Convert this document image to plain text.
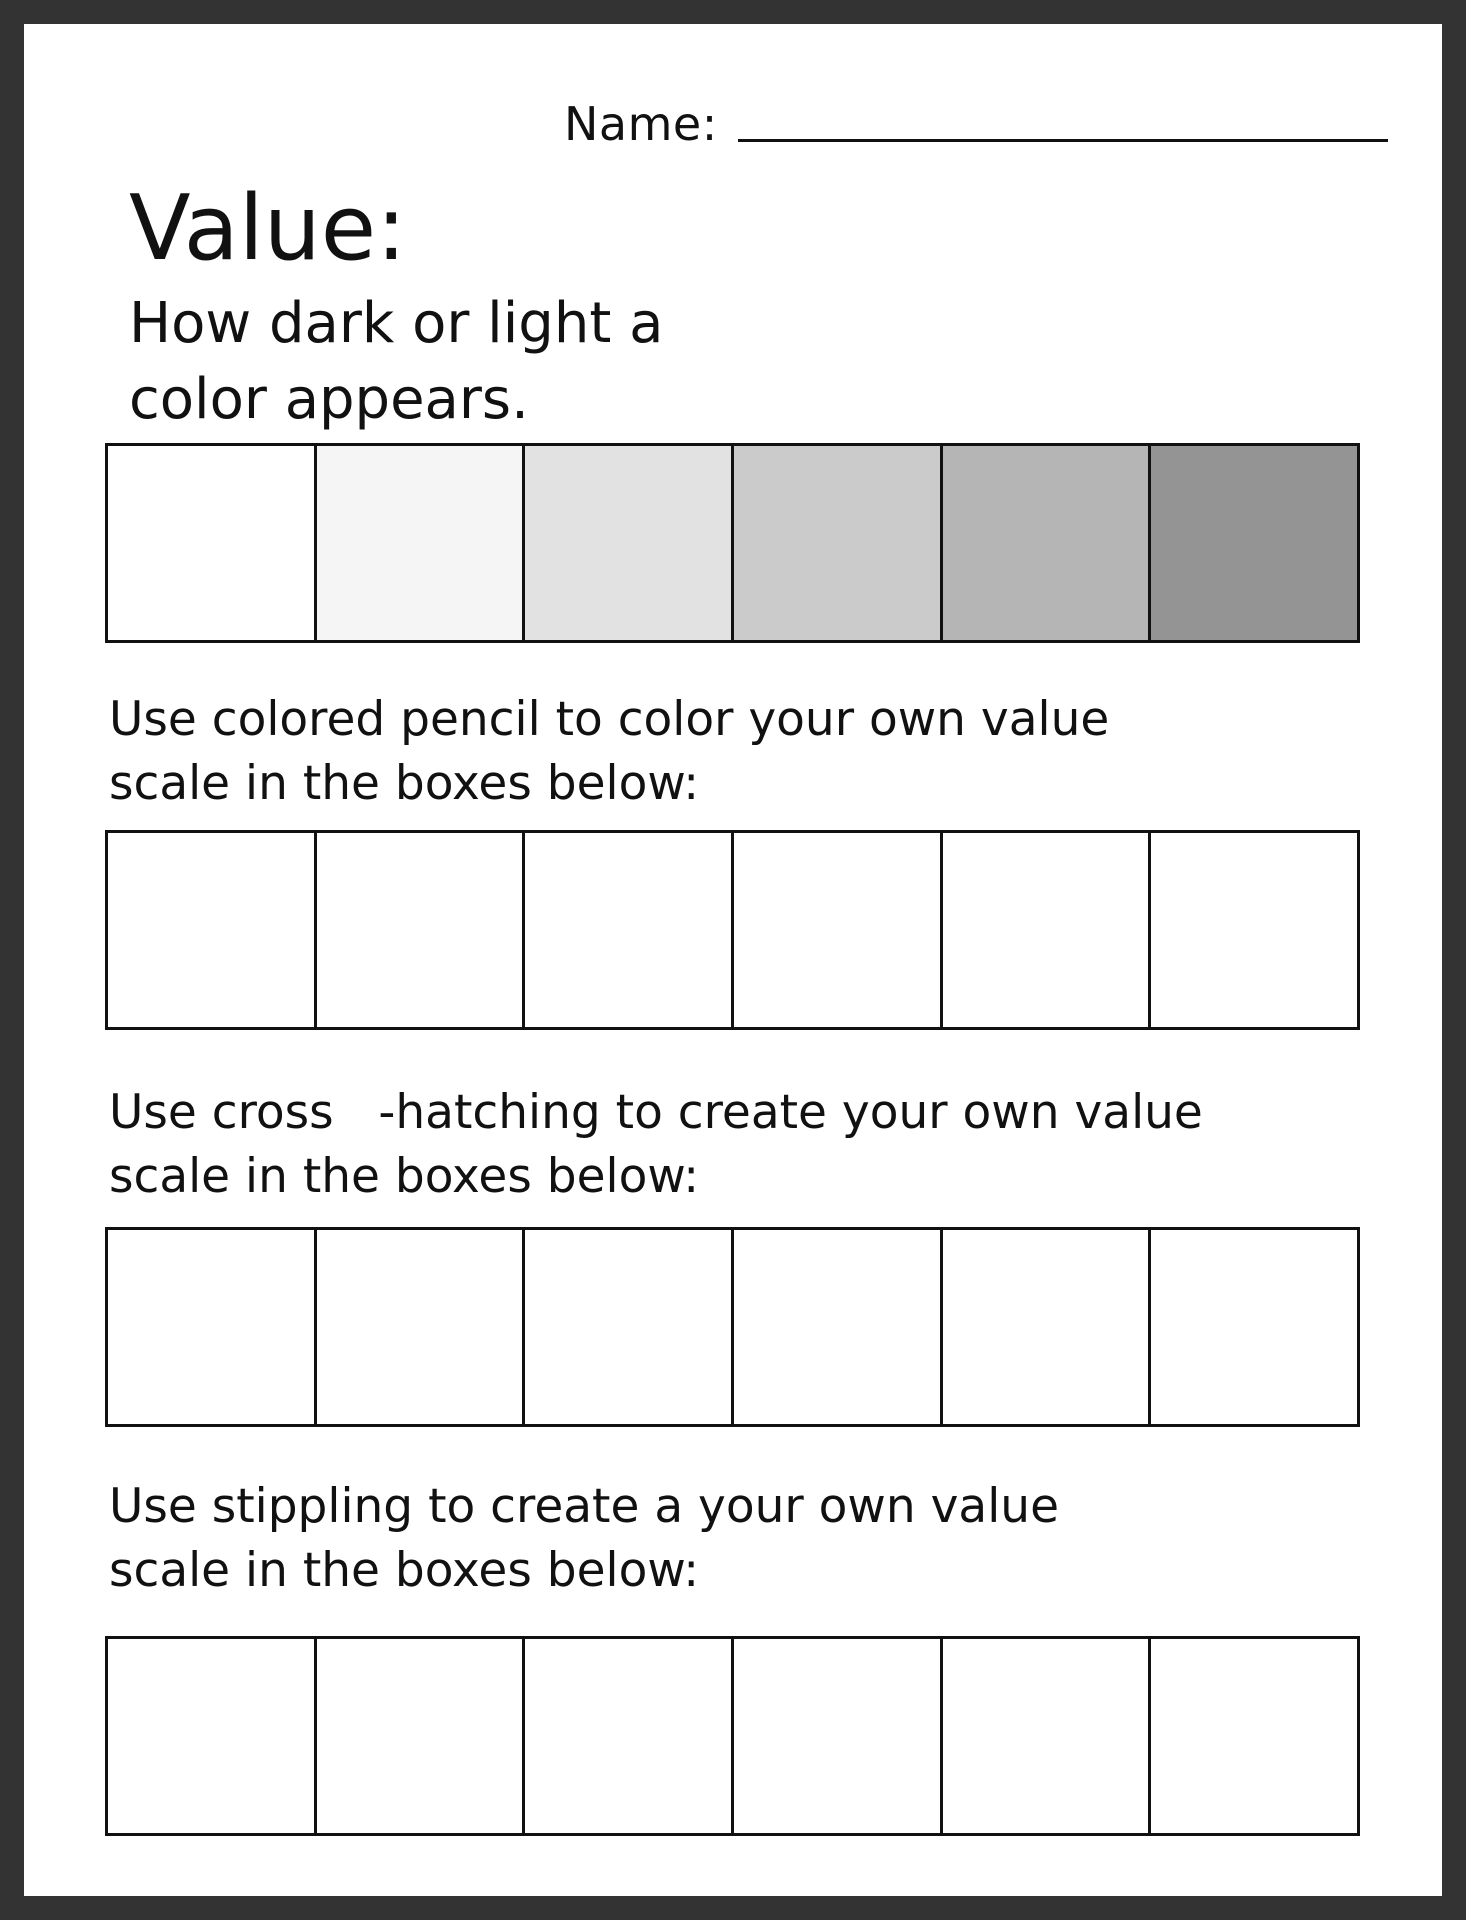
Name:
Value:

How dark or light a
color appears.

Use colored pencil to color your own value
scale in the boxes below:

Use cross   -hatching to create your own value
scale in the boxes below:

Use stippling to create a your own value
scale in the boxes below:
